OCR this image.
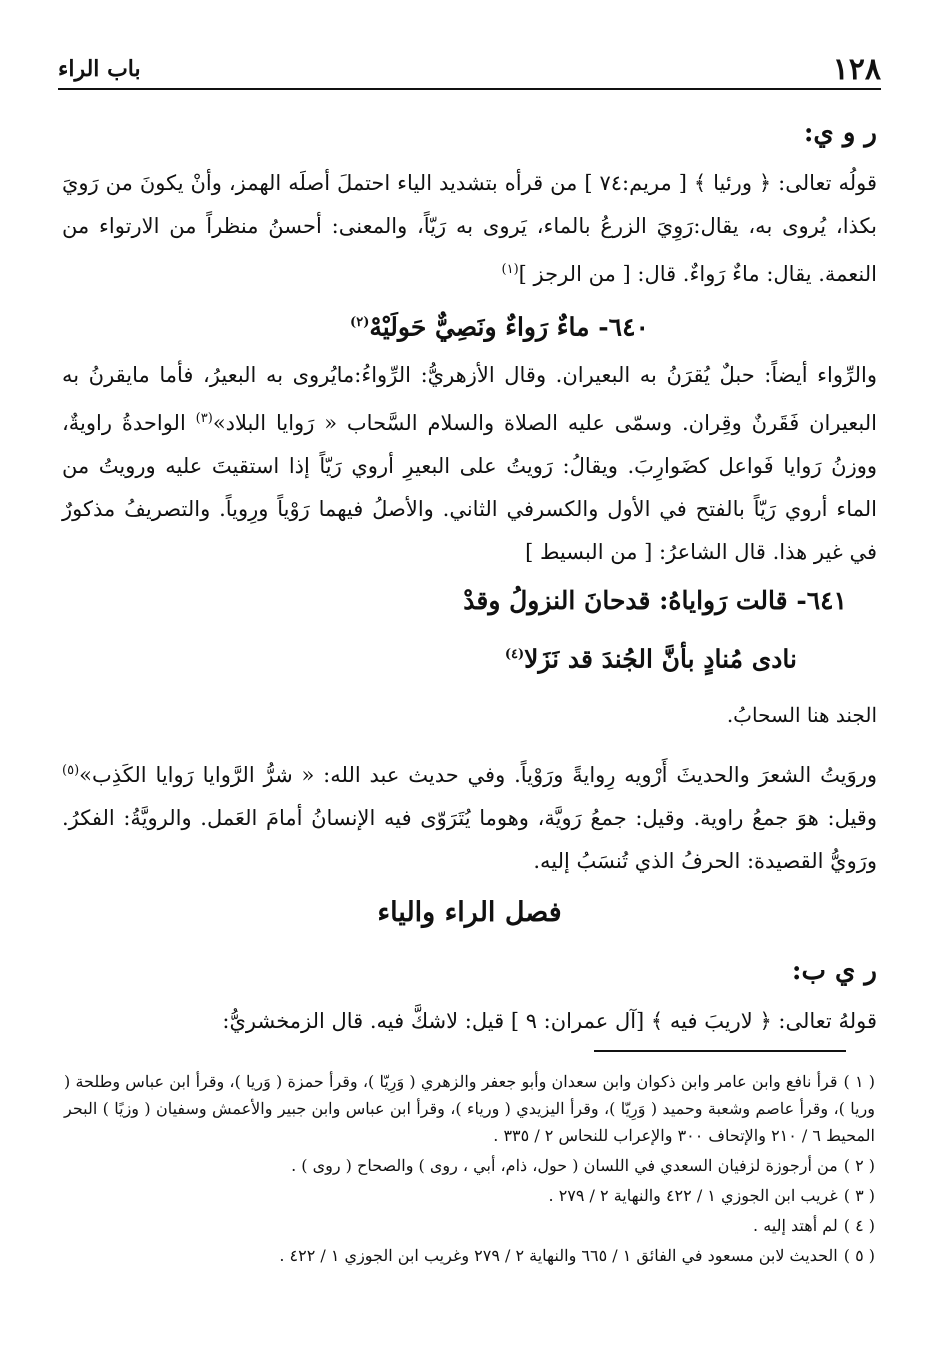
١٢٨
باب الراء
ر و ي:

قولُه تعالى: ﴿ ورئيا ﴾ [ مريم:٧٤ ] من قرأه بتشديد الياء احتملَ أصلَه الهمز، وأنْ يكونَ من رَويَ بكذا، يُروى به، يقال:رَوِيَ الزرعُ بالماء، يَروى به رَيّاً، والمعنى: أحسنُ منظراً من الارتواء من النعمة. يقال: ماءٌ رَواءٌ. قال: [ من الرجز ]$^{(١)}$

٦٤٠- ماءٌ رَواءٌ ونَصِيٌّ حَولَيْهْ$^{(٢)}$

والرِّواء أيضاً: حبلٌ يُقرَنُ به البعيران. وقال الأزهريُّ: الرِّواءُ:مايُروى به البعيرُ، فأما مايقرنُ به البعيران فَقَرنٌ وقِران. وسمّى عليه الصلاة والسلام السَّحاب « رَوايا البلاد»$^{(٣)}$ الواحدةُ راويةٌ، ووزنُ رَوايا فَواعل كضَوارِبَ. ويقالُ: رَويتُ على البعيرِ أروي رَيّاً إذا استقيتَ عليه ورويتُ من الماء أروي رَيّاً بالفتح في الأول والكسرفي الثاني. والأصلُ فيهما رَوْياً ورِوياً. والتصريفُ مذكورٌ في غير هذا. قال الشاعرُ: [ من البسيط ]

٦٤١- قالت رَواياهُ: قدحانَ النزولُ وقدْ

نادى مُنادٍ بأنَّ الجُندَ قد نَزَلا$^{(٤)}$

الجند هنا السحابُ.

وروَيتُ الشعرَ والحديثَ أَرْويه رِوايةً ورَوْياً. وفي حديث عبد الله: « شرُّ الرَّوايا رَوايا الكَذِب»$^{(٥)}$ وقيل: هوَ جمعُ راوية. وقيل: جمعُ رَويَّة، وهوما يُتَرَوّى فيه الإنسانُ أمامَ العَمل. والرويَّةُ: الفكرُ. ورَويُّ القصيدة: الحرفُ الذي تُنسَبُ إليه.

فصل الراء والياء
ر ي ب:

قولهُ تعالى: ﴿ لاريبَ فيه ﴾ [آل عمران: ٩ ] قيل: لاشكَّ فيه. قال الزمخشريُّ:

( ١ )قرأ نافع وابن عامر وابن ذكوان وابن سعدان وأبو جعفر والزهري ( وَرِيّا )، وقرأ حمزة ( وَريا )، وقرأ ابن عباس وطلحة ( وريا )، وقرأ عاصم وشعبة وحميد ( وَرِيّا )، وقرأ اليزيدي ( ورياء )، وقرأ ابن عباس وابن جبير والأعمش وسفيان ( وزيًا ) البحر المحيط ٦ / ٢١٠ والإتحاف ٣٠٠ والإعراب للنحاس ٢ / ٣٣٥ .

( ٢ )من أرجوزة لزفيان السعدي في اللسان ( حول، ذام، أبي ، روى ) والصحاح ( روى ) .

( ٣ )غريب ابن الجوزي ١ / ٤٢٢ والنهاية ٢ / ٢٧٩ .

( ٤ )لم أهتد إليه .

( ٥ )الحديث لابن مسعود في الفائق ١ / ٦٦٥ والنهاية ٢ / ٢٧٩ وغريب ابن الجوزي ١ / ٤٢٢ .
